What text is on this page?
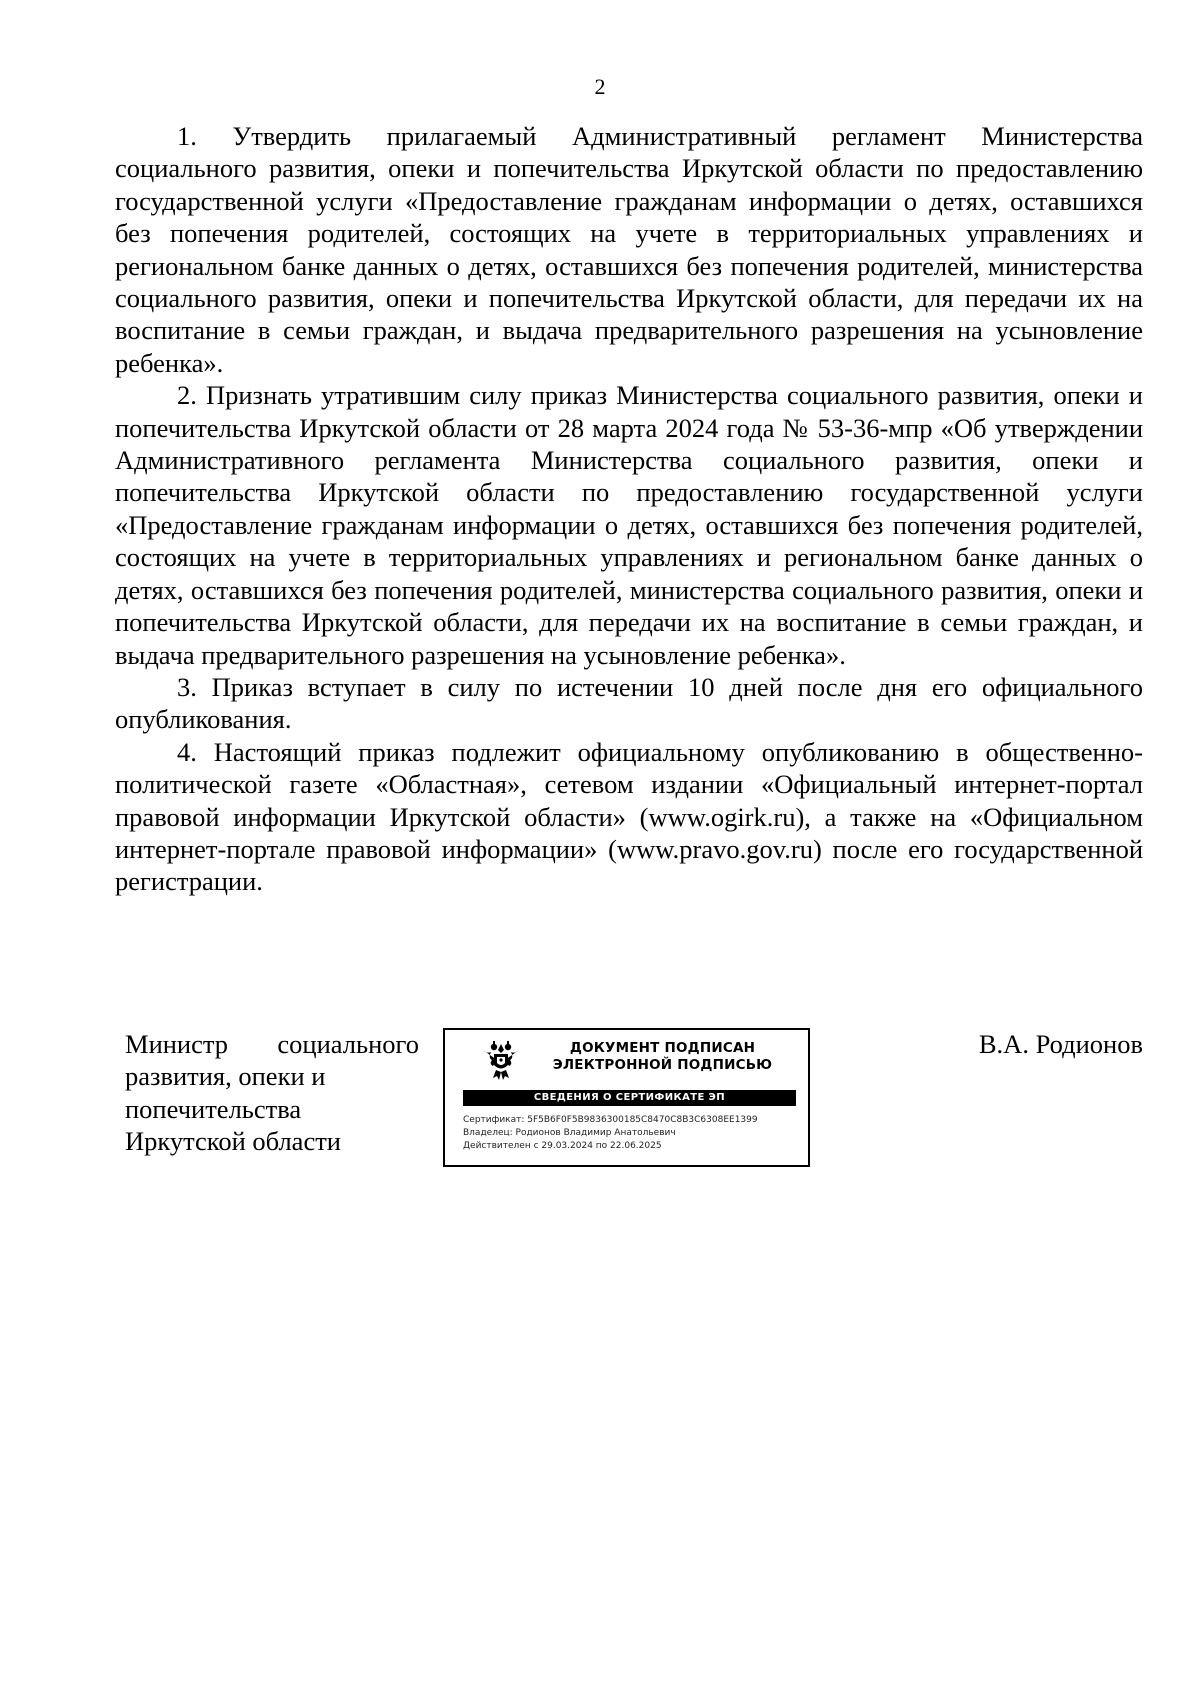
2

1. Утвердить прилагаемый Административный регламент Министерства социального развития, опеки и попечительства Иркутской области по предоставлению государственной услуги «Предоставление гражданам информации о детях, оставшихся без попечения родителей, состоящих на учете в территориальных управлениях и региональном банке данных о детях, оставшихся без попечения родителей, министерства социального развития, опеки и попечительства Иркутской области, для передачи их на воспитание в семьи граждан, и выдача предварительного разрешения на усыновление ребенка».

2. Признать утратившим силу приказ Министерства социального развития, опеки и попечительства Иркутской области от 28 марта 2024 года № 53-36-мпр «Об утверждении Административного регламента Министерства социального развития, опеки и попечительства Иркутской области по предоставлению государственной услуги «Предоставление гражданам информации о детях, оставшихся без попечения родителей, состоящих на учете в территориальных управлениях и региональном банке данных о детях, оставшихся без попечения родителей, министерства социального развития, опеки и попечительства Иркутской области, для передачи их на воспитание в семьи граждан, и выдача предварительного разрешения на усыновление ребенка».

3. Приказ вступает в силу по истечении 10 дней после дня его официального опубликования.

4. Настоящий приказ подлежит официальному опубликованию в общественно-политической газете «Областная», сетевом издании «Официальный интернет-портал правовой информации Иркутской области» (www.ogirk.ru), а также на «Официальном интернет-портале правовой информации» (www.pravo.gov.ru) после его государственной регистрации.

Министр социального развития, опеки и

попечительства
Иркутской области
ДОКУМЕНТ ПОДПИСАН
ЭЛЕКТРОННОЙ ПОДПИСЬЮ
СВЕДЕНИЯ О СЕРТИФИКАТЕ ЭП
Сертификат: 5F5B6F0F5B9836300185C8470C8B3C6308EE1399
Владелец: Родионов Владимир Анатольевич
Действителен с 29.03.2024 по 22.06.2025
В.А. Родионов
